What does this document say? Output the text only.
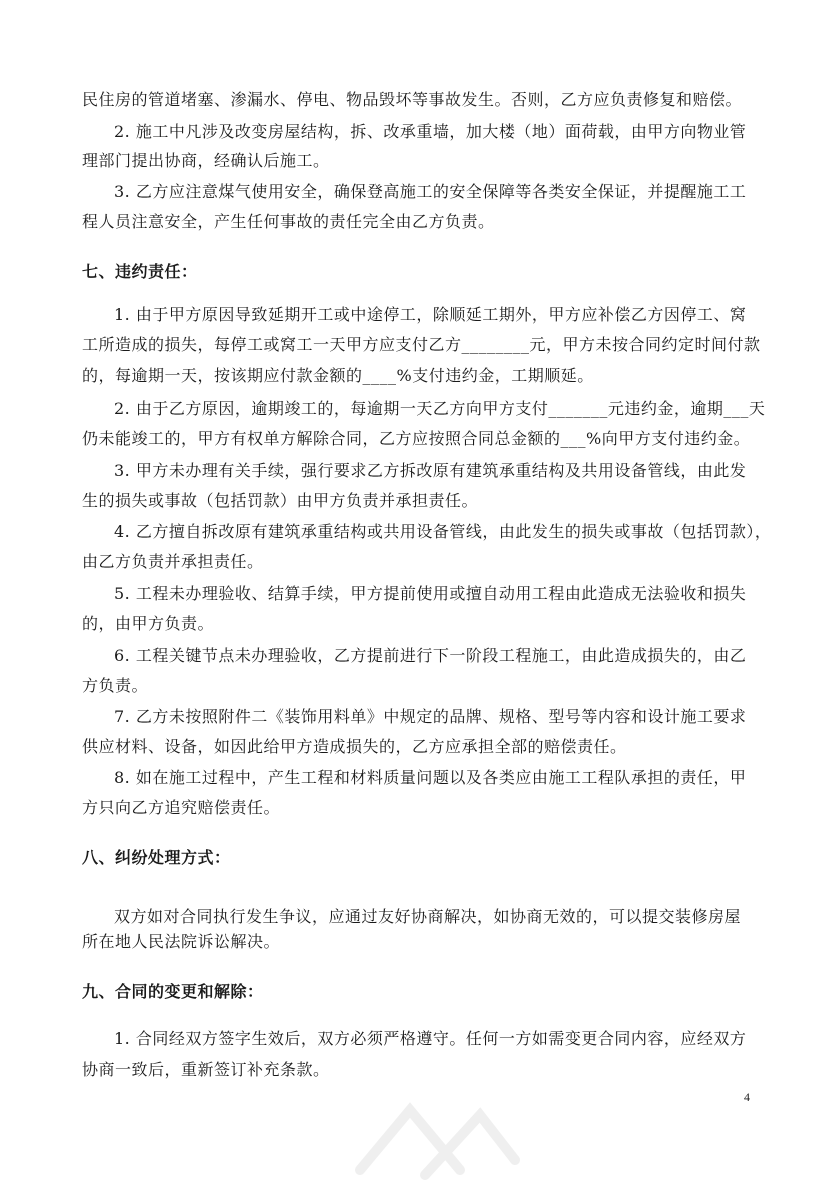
民住房的管道堵塞、渗漏水、停电、物品毁坏等事故发生。否则，乙方应负责修复和赔偿。
2. 施工中凡涉及改变房屋结构，拆、改承重墙，加大楼（地）面荷载，由甲方向物业管
理部门提出协商，经确认后施工。
3. 乙方应注意煤气使用安全，确保登高施工的安全保障等各类安全保证，并提醒施工工
程人员注意安全，产生任何事故的责任完全由乙方负责。
七、违约责任：
1. 由于甲方原因导致延期开工或中途停工，除顺延工期外，甲方应补偿乙方因停工、窝
工所造成的损失，每停工或窝工一天甲方应支付乙方________元，甲方未按合同约定时间付款
的，每逾期一天，按该期应付款金额的____%支付违约金，工期顺延。
2. 由于乙方原因，逾期竣工的，每逾期一天乙方向甲方支付_______元违约金，逾期___天
仍未能竣工的，甲方有权单方解除合同，乙方应按照合同总金额的___%向甲方支付违约金。
3. 甲方未办理有关手续，强行要求乙方拆改原有建筑承重结构及共用设备管线，由此发
生的损失或事故（包括罚款）由甲方负责并承担责任。
4. 乙方擅自拆改原有建筑承重结构或共用设备管线，由此发生的损失或事故（包括罚款），
由乙方负责并承担责任。
5. 工程未办理验收、结算手续，甲方提前使用或擅自动用工程由此造成无法验收和损失
的，由甲方负责。
6. 工程关键节点未办理验收，乙方提前进行下一阶段工程施工，由此造成损失的，由乙
方负责。
7. 乙方未按照附件二《装饰用料单》中规定的品牌、规格、型号等内容和设计施工要求
供应材料、设备，如因此给甲方造成损失的，乙方应承担全部的赔偿责任。
8. 如在施工过程中，产生工程和材料质量问题以及各类应由施工工程队承担的责任，甲
方只向乙方追究赔偿责任。
八、纠纷处理方式：
双方如对合同执行发生争议，应通过友好协商解决，如协商无效的，可以提交装修房屋
所在地人民法院诉讼解决。
九、合同的变更和解除：
1. 合同经双方签字生效后，双方必须严格遵守。任何一方如需变更合同内容，应经双方
协商一致后，重新签订补充条款。
4
